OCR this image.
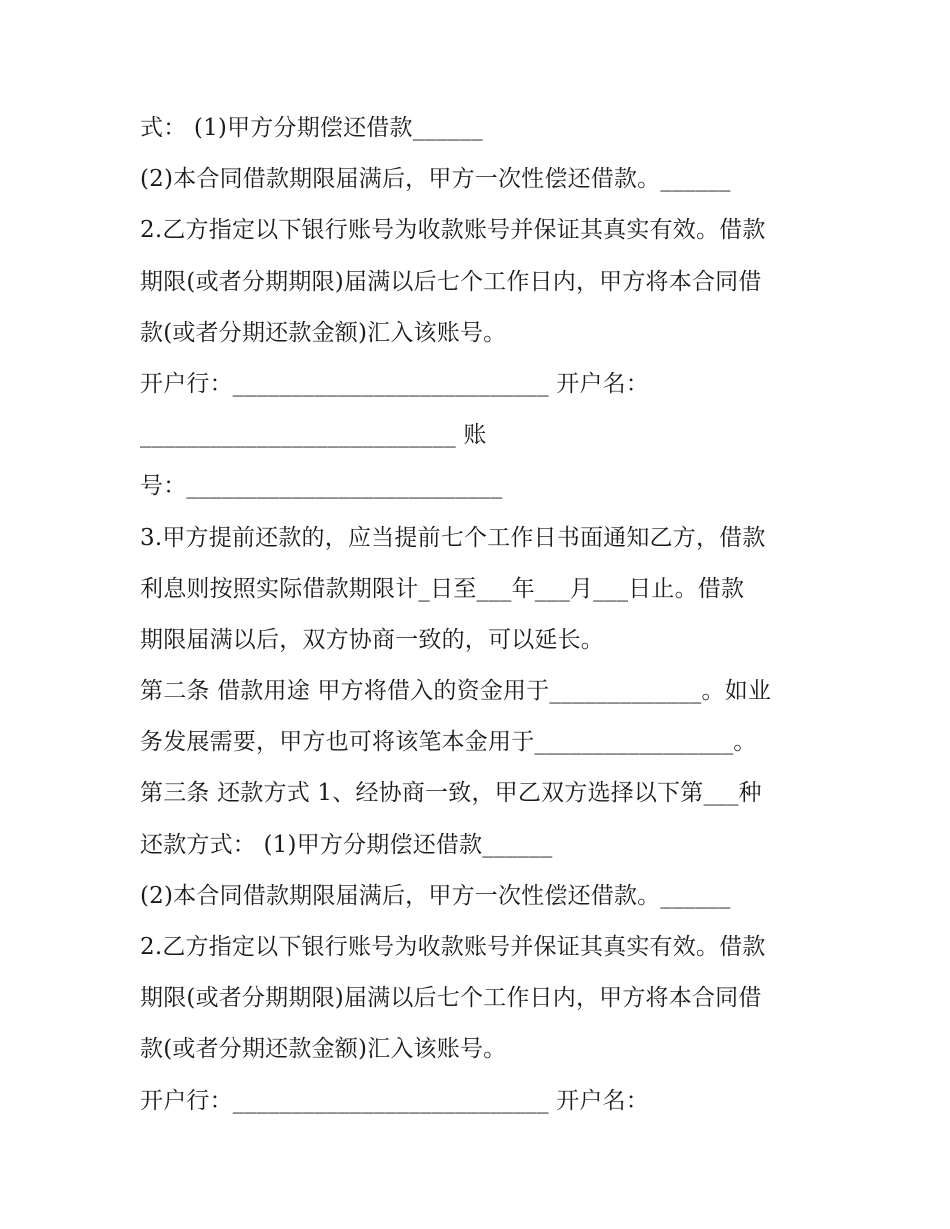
式： (1)甲方分期偿还借款______
(2)本合同借款期限届满后，甲方一次性偿还借款。______
2.乙方指定以下银行账号为收款账号并保证其真实有效。借款
期限(或者分期期限)届满以后七个工作日内，甲方将本合同借
款(或者分期还款金额)汇入该账号。
开户行：___________________________ 开户名：
___________________________ 账
号：___________________________
3.甲方提前还款的，应当提前七个工作日书面通知乙方，借款
利息则按照实际借款期限计_日至___年___月___日止。借款
期限届满以后，双方协商一致的，可以延长。
第二条 借款用途 甲方将借入的资金用于_____________。如业
务发展需要，甲方也可将该笔本金用于_________________。
第三条 还款方式 1、经协商一致，甲乙双方选择以下第___种
还款方式： (1)甲方分期偿还借款______
(2)本合同借款期限届满后，甲方一次性偿还借款。______
2.乙方指定以下银行账号为收款账号并保证其真实有效。借款
期限(或者分期期限)届满以后七个工作日内，甲方将本合同借
款(或者分期还款金额)汇入该账号。
开户行：___________________________ 开户名：
